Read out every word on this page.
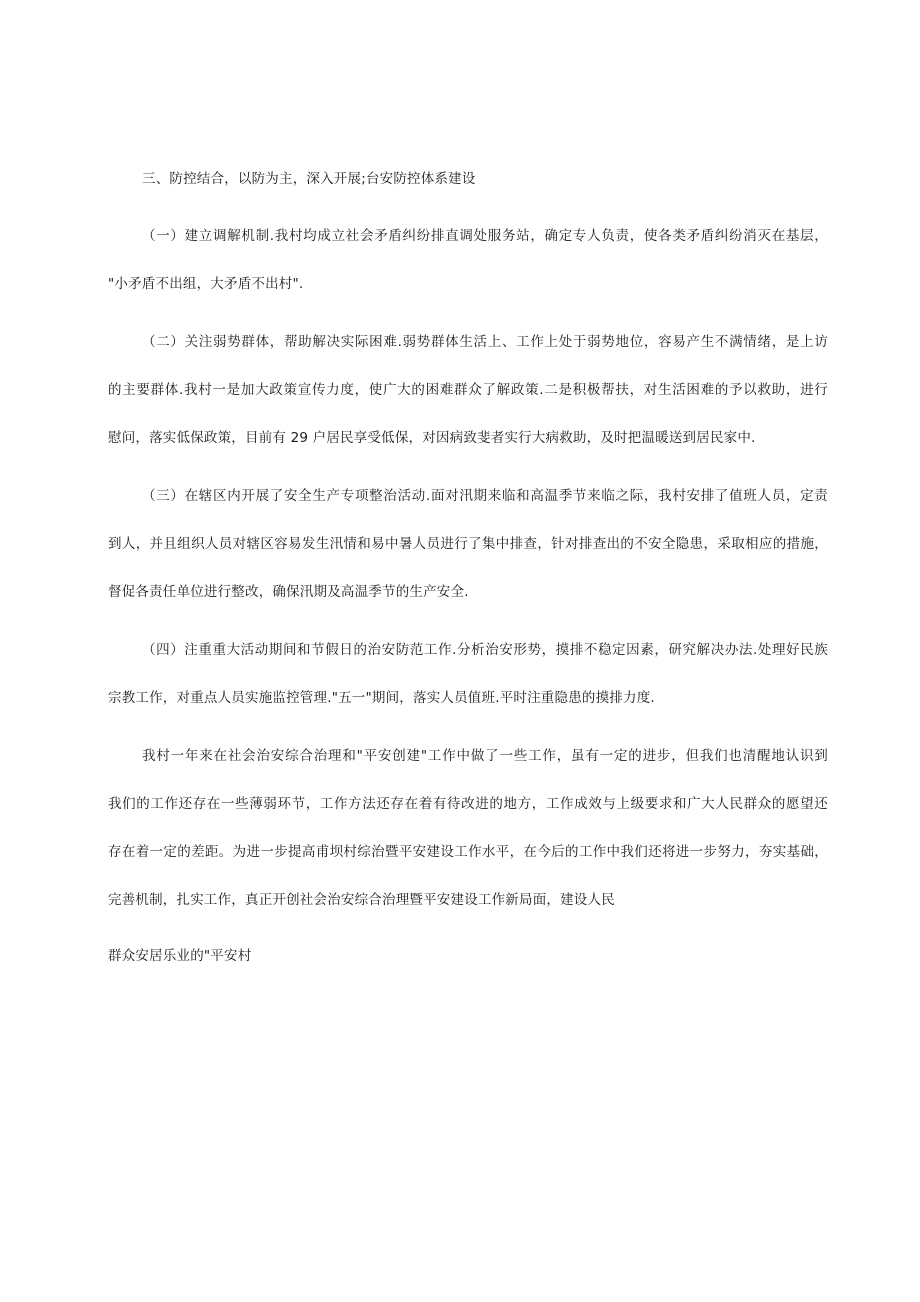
三、防控结合，以防为主，深入开展;台安防控体系建设
（一）建立调解机制.我村均成立社会矛盾纠纷排直调处服务站，确定专人负责，使各类矛盾纠纷消灭在基层，
"小矛盾不出组，大矛盾不出村".
（二）关注弱势群体，帮助解决实际困难.弱势群体生活上、工作上处于弱势地位，容易产生不满情绪，是上访
的主要群体.我村一是加大政策宣传力度，使广大的困难群众了解政策.二是积极帮扶，对生活困难的予以救助，进行
慰问，落实低保政策，目前有 29 户居民享受低保，对因病致斐者实行大病救助，及时把温暖送到居民家中.
（三）在辖区内开展了安全生产专项整治活动.面对汛期来临和高温季节来临之际，我村安排了值班人员，定责
到人，并且组织人员对辖区容易发生汛情和易中暑人员进行了集中排查，针对排查出的不安全隐患，采取相应的措施，
督促各责任单位进行整改，确保汛期及高温季节的生产安全.
（四）注重重大活动期间和节假日的治安防范工作.分析治安形势，摸排不稳定因素，研究解决办法.处理好民族
宗教工作，对重点人员实施监控管理."五一"期间，落实人员值班.平时注重隐患的摸排力度.
我村一年来在社会治安综合治理和"平安创建"工作中做了一些工作，虽有一定的进步，但我们也清醒地认识到
我们的工作还存在一些薄弱环节，工作方法还存在着有待改进的地方，工作成效与上级要求和广大人民群众的愿望还
存在着一定的差距。为进一步提高甫坝村综治暨平安建设工作水平，在今后的工作中我们还将进一步努力，夯实基础，
完善机制，扎实工作，真正开创社会治安综合治理暨平安建设工作新局面，建设人民
群众安居乐业的"平安村
